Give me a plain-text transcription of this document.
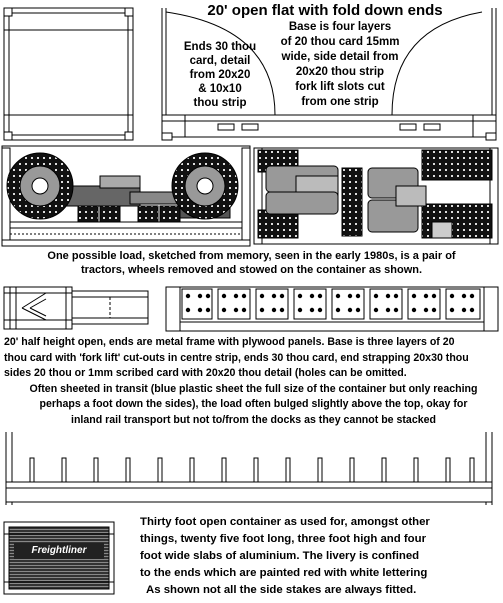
20' open flat with fold down ends
Ends 30 thou
card, detail
from 20x20
& 10x10
thou strip
Base is four layers
of 20 thou card 15mm
wide, side detail from
20x20 thou strip
fork lift slots cut
from one strip
One possible load, sketched from memory, seen in the early 1980s, is a pair of
tractors, wheels removed and stowed on the container as shown.
20' half height open, ends are metal frame with plywood panels. Base is three layers of 20
thou card with 'fork lift' cut-outs in centre strip, ends 30 thou card, end strapping 20x30 thou
sides 20 thou or 1mm scribed card with 20x20 thou detail (holes can be omitted.
Often sheeted in transit (blue plastic sheet the full size of the container but only reaching
perhaps a foot down the sides), the load often bulged slightly above the top, okay for
inland rail transport but not to/from the docks as they cannot be stacked
Thirty foot open container as used for, amongst other
things, twenty five foot long, three foot high and four
foot wide slabs of aluminium. The livery is confined
to the ends which are painted red with white lettering
As shown not all the side stakes are always fitted.
Freightliner
